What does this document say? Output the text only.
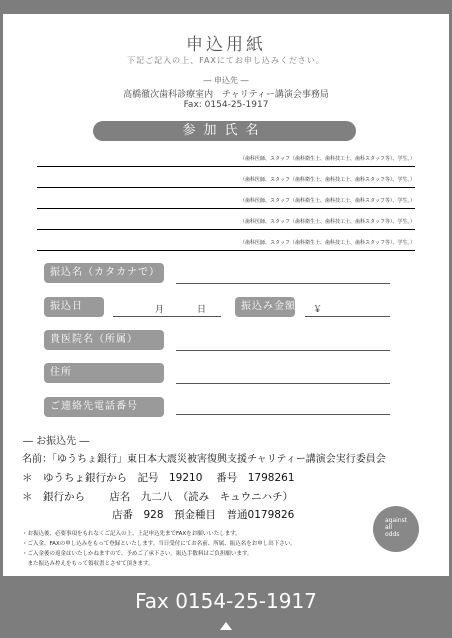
申込用紙
下記ご記入の上、FAXにてお申し込みください。
― 申込先 ―
高橋徹次歯科診療室内　チャリティー講演会事務局
Fax: 0154-25-1917
参加氏名
（歯科医師、スタッフ（歯科衛生士、歯科技工士、歯科スタッフ等）、学生。）
（歯科医師、スタッフ（歯科衛生士、歯科技工士、歯科スタッフ等）、学生。）
（歯科医師、スタッフ（歯科衛生士、歯科技工士、歯科スタッフ等）、学生。）
（歯科医師、スタッフ（歯科衛生士、歯科技工士、歯科スタッフ等）、学生。）
（歯科医師、スタッフ（歯科衛生士、歯科技工士、歯科スタッフ等）、学生。）
振込名（カタカナで）
振込日	月	日	振込み金額 ￥
貴医院名（所属）
住所
ご連絡先電話番号
― お振込先 ―
名前：「ゆうちょ銀行」東日本大震災被害復興支援チャリティー講演会実行委員会
＊　ゆうちょ銀行から　記号　19210　 番号　1798261
＊　銀行から　　 店名　九二八　（読み　キュウニハチ）
店番　928　預金種目　普通0179826
・お振込後、必要事項をもれなくご記入の上、上記申込先までFAXをお願いいたします。
・ご入金、FAXの申し込みをもって登録といたします。当日受付にてお名前、所属、振込名をお申し出下さい。
・ご入金後の返金はいたしかねますので、予めご了承下さい。振込手数料はご負担願います。
　また振込み控えをもって領収書とさせて頂きます。
against
all
odds
Fax 0154-25-1917
